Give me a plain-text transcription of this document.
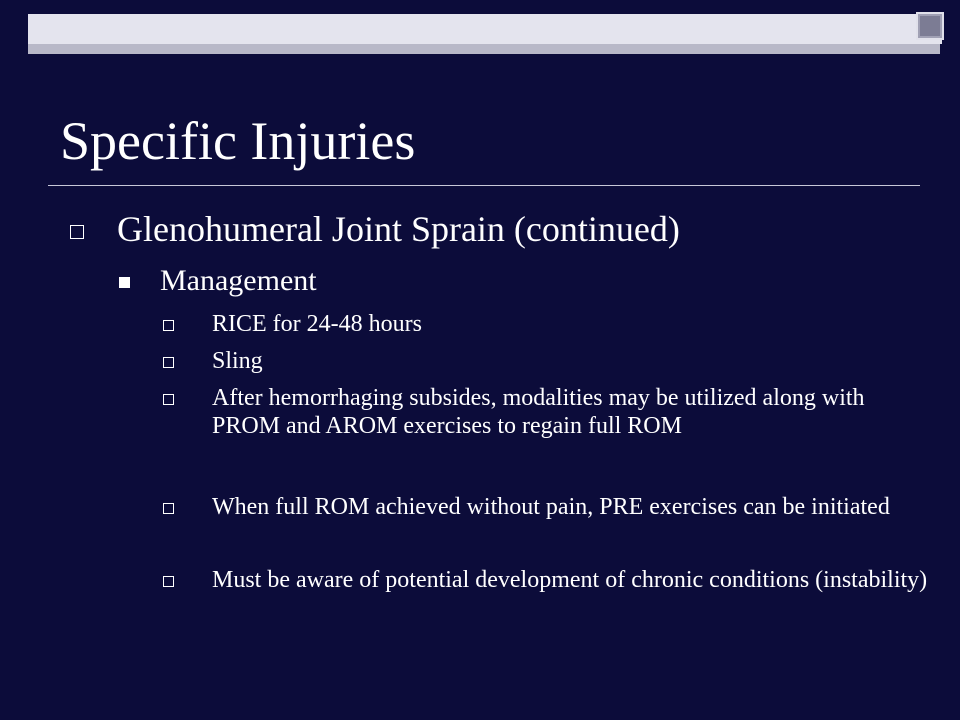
Specific Injuries
Glenohumeral Joint Sprain (continued)
Management
RICE for 24-48 hours
Sling
After hemorrhaging subsides, modalities may be utilized along with PROM and AROM exercises to regain full ROM
When full ROM achieved without pain, PRE exercises can be initiated
Must be aware of potential development of chronic conditions (instability)
